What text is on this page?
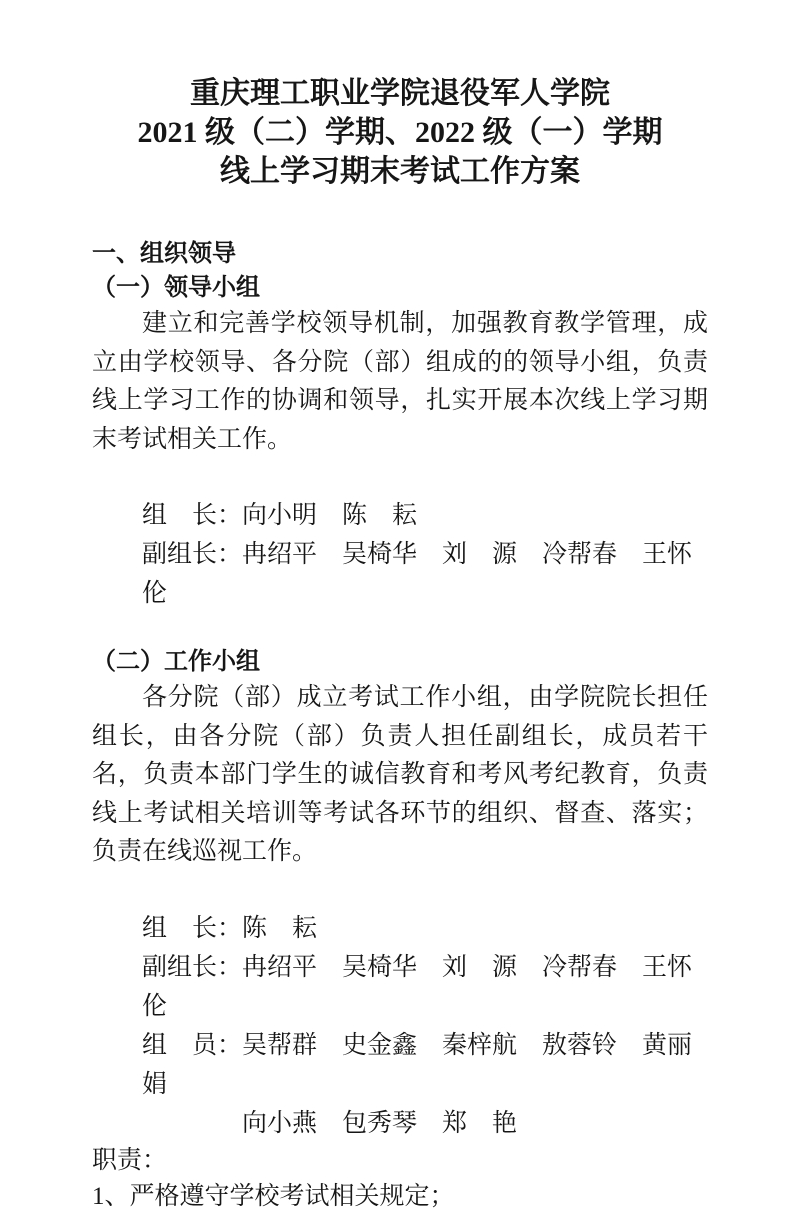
重庆理工职业学院退役军人学院
2021 级（二）学期、2022 级（一）学期
线上学习期末考试工作方案
一、组织领导
（一）领导小组

建立和完善学校领导机制，加强教育教学管理，成立由学校领导、各分院（部）组成的的领导小组，负责线上学习工作的协调和领导，扎实开展本次线上学习期末考试相关工作。

组　长：向小明　陈　耘
副组长：冉绍平　吴椅华　刘　源　冷帮春　王怀伦
（二）工作小组

各分院（部）成立考试工作小组，由学院院长担任组长，由各分院（部）负责人担任副组长，成员若干名，负责本部门学生的诚信教育和考风考纪教育，负责线上考试相关培训等考试各环节的组织、督查、落实；负责在线巡视工作。

组　长：陈　耘
副组长：冉绍平　吴椅华　刘　源　冷帮春　王怀伦
组　员：吴帮群　史金鑫　秦梓航　敖蓉铃　黄丽娟
向小燕　包秀琴　郑　艳
职责：
1、严格遵守学校考试相关规定；
